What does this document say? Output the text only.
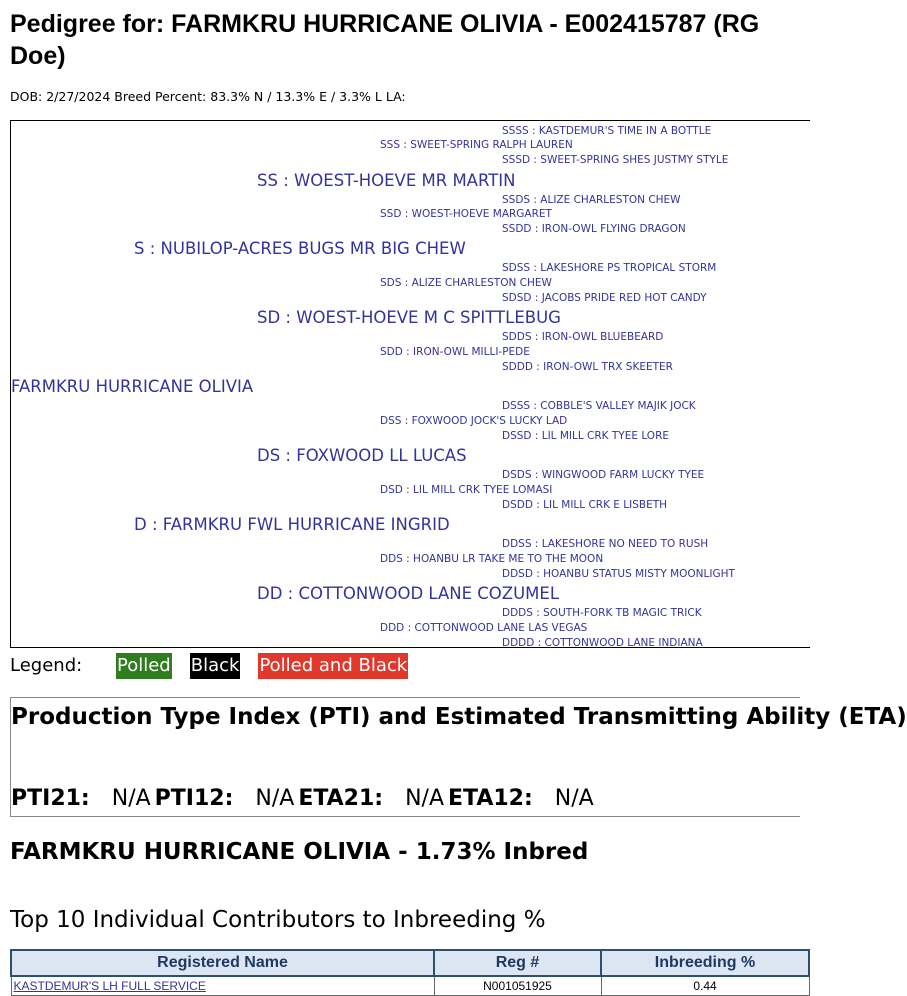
Pedigree for: FARMKRU HURRICANE OLIVIA - E002415787 (RG Doe)
DOB: 2/27/2024 Breed Percent: 83.3% N / 13.3% E / 3.3% L LA:
SSSS : KASTDEMUR'S TIME IN A BOTTLE
SSS : SWEET-SPRING RALPH LAUREN
SSSD : SWEET-SPRING SHES JUSTMY STYLE
SS : WOEST-HOEVE MR MARTIN
SSDS : ALIZE CHARLESTON CHEW
SSD : WOEST-HOEVE MARGARET
SSDD : IRON-OWL FLYING DRAGON
S : NUBILOP-ACRES BUGS MR BIG CHEW
SDSS : LAKESHORE PS TROPICAL STORM
SDS : ALIZE CHARLESTON CHEW
SDSD : JACOBS PRIDE RED HOT CANDY
SD : WOEST-HOEVE M C SPITTLEBUG
SDDS : IRON-OWL BLUEBEARD
SDD : IRON-OWL MILLI-PEDE
SDDD : IRON-OWL TRX SKEETER
FARMKRU HURRICANE OLIVIA
DSSS : COBBLE'S VALLEY MAJIK JOCK
DSS : FOXWOOD JOCK'S LUCKY LAD
DSSD : LIL MILL CRK TYEE LORE
DS : FOXWOOD LL LUCAS
DSDS : WINGWOOD FARM LUCKY TYEE
DSD : LIL MILL CRK TYEE LOMASI
DSDD : LIL MILL CRK E LISBETH
D : FARMKRU FWL HURRICANE INGRID
DDSS : LAKESHORE NO NEED TO RUSH
DDS : HOANBU LR TAKE ME TO THE MOON
DDSD : HOANBU STATUS MISTY MOONLIGHT
DD : COTTONWOOD LANE COZUMEL
DDDS : SOUTH-FORK TB MAGIC TRICK
DDD : COTTONWOOD LANE LAS VEGAS
DDDD : COTTONWOOD LANE INDIANA
Legend: Polled Black Polled and Black
Production Type Index (PTI) and Estimated Transmitting Ability (ETA)
PTI21: N/A PTI12: N/A ETA21: N/A ETA12: N/A
FARMKRU HURRICANE OLIVIA - 1.73% Inbred
Top 10 Individual Contributors to Inbreeding %
Registered Name	Reg #	Inbreeding %
KASTDEMUR'S LH FULL SERVICE	N001051925	0.44
